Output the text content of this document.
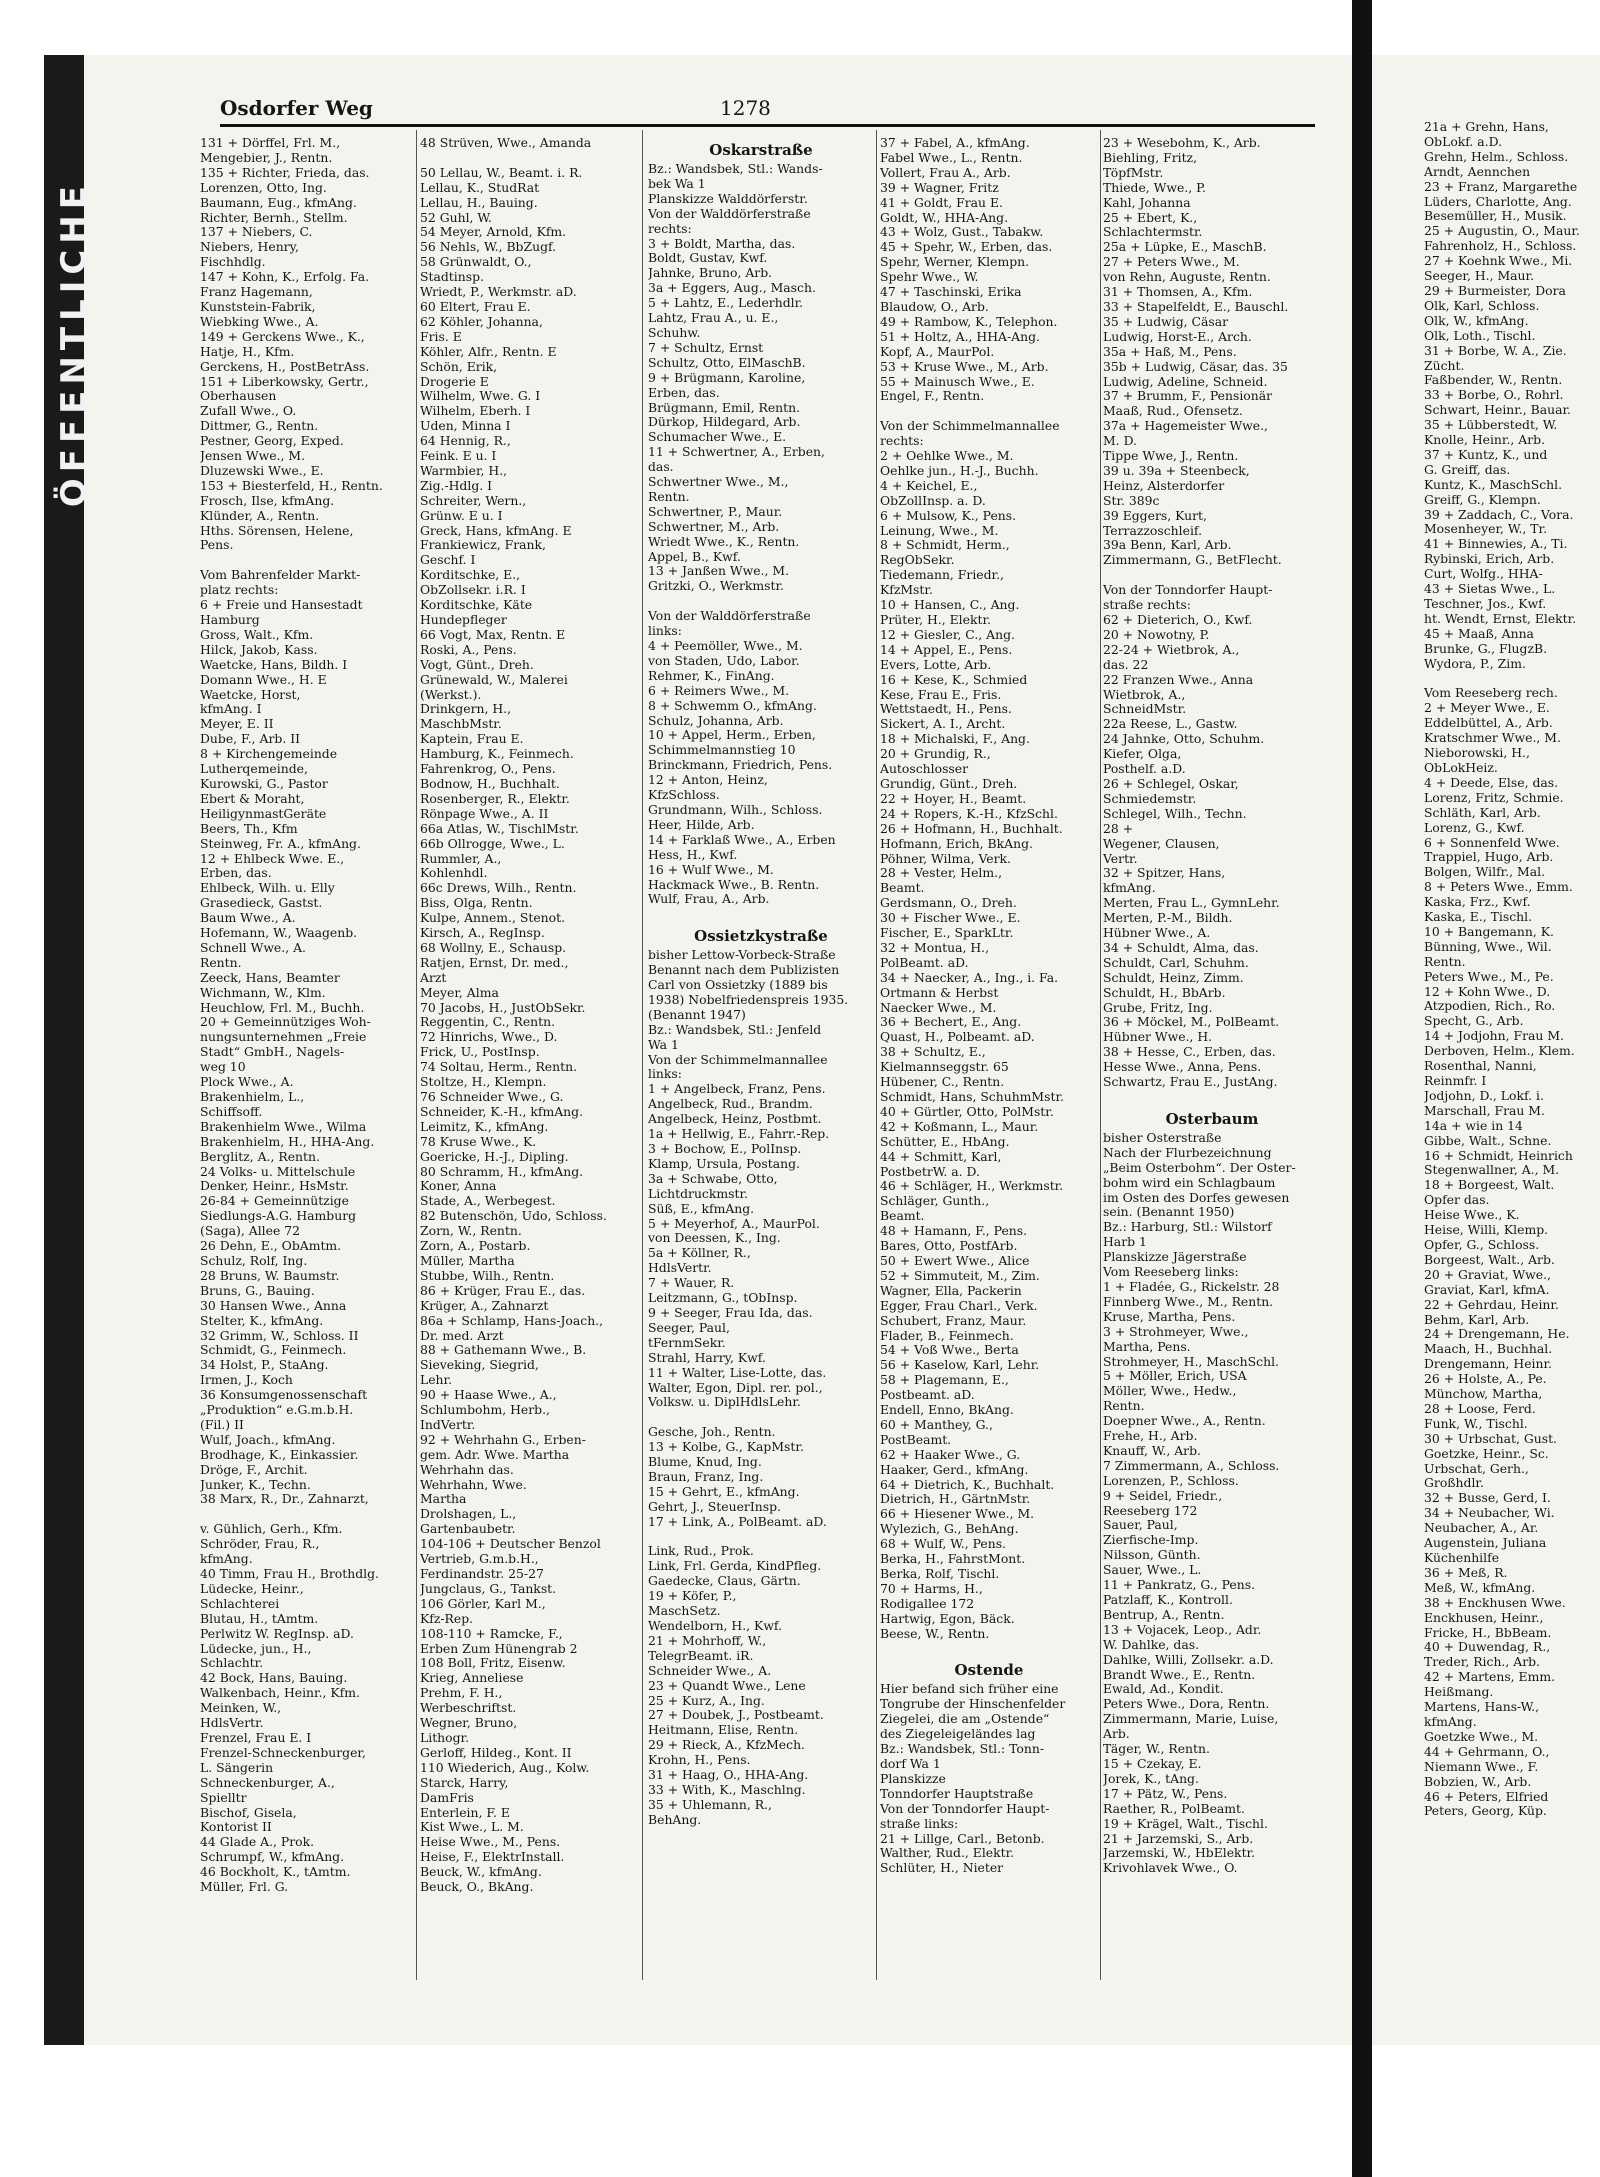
ÖFFENTLICHE
Osdorfer Weg	1278
131 + Dörffel, Frl. M.,
Mengebier, J., Rentn.
135 + Richter, Frieda, das.
Lorenzen, Otto, Ing.
Baumann, Eug., kfmAng.
Richter, Bernh., Stellm.
137 + Niebers, C.
Niebers, Henry,
Fischhdlg.
147 + Kohn, K., Erfolg. Fa.
Franz Hagemann,
Kunststein-Fabrik,
Wiebking Wwe., A.
149 + Gerckens Wwe., K.,
Hatje, H., Kfm.
Gerckens, H., PostBetrAss.
151 + Liberkowsky, Gertr.,
Oberhausen
Zufall Wwe., O.
Dittmer, G., Rentn.
Pestner, Georg, Exped.
Jensen Wwe., M.
Dluzewski Wwe., E.
153 + Biesterfeld, H., Rentn.
Frosch, Ilse, kfmAng.
Klünder, A., Rentn.
Hths. Sörensen, Helene,
Pens.

Vom Bahrenfelder Markt-
platz rechts:
6 + Freie und Hansestadt
Hamburg
Gross, Walt., Kfm.
Hilck, Jakob, Kass.
Waetcke, Hans, Bildh. I
Domann Wwe., H. E
Waetcke, Horst,
kfmAng. I
Meyer, E. II
Dube, F., Arb. II
8 + Kirchengemeinde
Lutherqemeinde,
Kurowski, G., Pastor
Ebert & Moraht,
HeiligynmastGeräte
Beers, Th., Kfm
Steinweg, Fr. A., kfmAng.
12 + Ehlbeck Wwe. E.,
Erben, das.
Ehlbeck, Wilh. u. Elly
Grasedieck, Gastst.
Baum Wwe., A.
Hofemann, W., Waagenb.
Schnell Wwe., A.
Rentn.
Zeeck, Hans, Beamter
Wichmann, W., Klm.
Heuchlow, Frl. M., Buchh.
20 + Gemeinnütziges Woh-
nungsunternehmen „Freie
Stadt“ GmbH., Nagels-
weg 10
Plock Wwe., A.
Brakenhielm, L.,
Schiffsoff.
Brakenhielm Wwe., Wilma
Brakenhielm, H., HHA-Ang.
Berglitz, A., Rentn.
24 Volks- u. Mittelschule
Denker, Heinr., HsMstr.
26-84 + Gemeinnützige
Siedlungs-A.G. Hamburg
(Saga), Allee 72
26 Dehn, E., ObAmtm.
Schulz, Rolf, Ing.
28 Bruns, W. Baumstr.
Bruns, G., Bauing.
30 Hansen Wwe., Anna
Stelter, K., kfmAng.
32 Grimm, W., Schloss. II
Schmidt, G., Feinmech.
34 Holst, P., StaAng.
Irmen, J., Koch
36 Konsumgenossenschaft
„Produktion“ e.G.m.b.H.
(Fil.) II
Wulf, Joach., kfmAng.
Brodhage, K., Einkassier.
Dröge, F., Archit.
Junker, K., Techn.
38 Marx, R., Dr., Zahnarzt,

v. Gühlich, Gerh., Kfm.
Schröder, Frau, R.,
kfmAng.
40 Timm, Frau H., Brothdlg.
Lüdecke, Heinr.,
Schlachterei
Blutau, H., tAmtm.
Perlwitz W. RegInsp. aD.
Lüdecke, jun., H.,
Schlachtr.
42 Bock, Hans, Bauing.
Walkenbach, Heinr., Kfm.
Meinken, W.,
HdlsVertr.
Frenzel, Frau E. I
Frenzel-Schneckenburger,
L. Sängerin
Schneckenburger, A.,
Spielltr
Bischof, Gisela,
Kontorist II
44 Glade A., Prok.
Schrumpf, W., kfmAng.
46 Bockholt, K., tAmtm.
Müller, Frl. G.
48 Strüven, Wwe., Amanda

50 Lellau, W., Beamt. i. R.
Lellau, K., StudRat
Lellau, H., Bauing.
52 Guhl, W.
54 Meyer, Arnold, Kfm.
56 Nehls, W., BbZugf.
58 Grünwaldt, O.,
Stadtinsp.
Wriedt, P., Werkmstr. aD.
60 Eltert, Frau E.
62 Köhler, Johanna,
Fris. E
Köhler, Alfr., Rentn. E
Schön, Erik,
Drogerie E
Wilhelm, Wwe. G. I
Wilhelm, Eberh. I
Uden, Minna I
64 Hennig, R.,
Feink. E u. I
Warmbier, H.,
Zig.-Hdlg. I
Schreiter, Wern.,
Grünw. E u. I
Greck, Hans, kfmAng. E
Frankiewicz, Frank,
Geschf. I
Korditschke, E.,
ObZollsekr. i.R. I
Korditschke, Käte
Hundepfleger
66 Vogt, Max, Rentn. E
Roski, A., Pens.
Vogt, Günt., Dreh.
Grünewald, W., Malerei
(Werkst.).
Drinkgern, H.,
MaschbMstr.
Kaptein, Frau E.
Hamburg, K., Feinmech.
Fahrenkrog, O., Pens.
Bodnow, H., Buchhalt.
Rosenberger, R., Elektr.
Rönpage Wwe., A. II
66a Atlas, W., TischlMstr.
66b Ollrogge, Wwe., L.
Rummler, A.,
Kohlenhdl.
66c Drews, Wilh., Rentn.
Biss, Olga, Rentn.
Kulpe, Annem., Stenot.
Kirsch, A., RegInsp.
68 Wollny, E., Schausp.
Ratjen, Ernst, Dr. med.,
Arzt
Meyer, Alma
70 Jacobs, H., JustObSekr.
Reggentin, C., Rentn.
72 Hinrichs, Wwe., D.
Frick, U., PostInsp.
74 Soltau, Herm., Rentn.
Stoltze, H., Klempn.
76 Schneider Wwe., G.
Schneider, K.-H., kfmAng.
Leimitz, K., kfmAng.
78 Kruse Wwe., K.
Goericke, H.-J., Dipling.
80 Schramm, H., kfmAng.
Koner, Anna
Stade, A., Werbegest.
82 Butenschön, Udo, Schloss.
Zorn, W., Rentn.
Zorn, A., Postarb.
Müller, Martha
Stubbe, Wilh., Rentn.
86 + Krüger, Frau E., das.
Krüger, A., Zahnarzt
86a + Schlamp, Hans-Joach.,
Dr. med. Arzt
88 + Gathemann Wwe., B.
Sieveking, Siegrid,
Lehr.
90 + Haase Wwe., A.,
Schlumbohm, Herb.,
IndVertr.
92 + Wehrhahn G., Erben-
gem. Adr. Wwe. Martha
Wehrhahn das.
Wehrhahn, Wwe.
Martha
Drolshagen, L.,
Gartenbaubetr.
104-106 + Deutscher Benzol
Vertrieb, G.m.b.H.,
Ferdinandstr. 25-27
Jungclaus, G., Tankst.
106 Görler, Karl M.,
Kfz-Rep.
108-110 + Ramcke, F.,
Erben Zum Hünengrab 2
108 Boll, Fritz, Eisenw.
Krieg, Anneliese
Prehm, F. H.,
Werbeschriftst.
Wegner, Bruno,
Lithogr.
Gerloff, Hildeg., Kont. II
110 Wiederich, Aug., Kolw.
Starck, Harry,
DamFris
Enterlein, F. E
Kist Wwe., L. M.
Heise Wwe., M., Pens.
Heise, F., ElektrInstall.
Beuck, W., kfmAng.
Beuck, O., BkAng.
Oskarstraße
Bz.: Wandsbek, Stl.: Wands-
bek Wa 1
Planskizze Walddörferstr.
Von der Walddörferstraße
rechts:
3 + Boldt, Martha, das.
Boldt, Gustav, Kwf.
Jahnke, Bruno, Arb.
3a + Eggers, Aug., Masch.
5 + Lahtz, E., Lederhdlr.
Lahtz, Frau A., u. E.,
Schuhw.
7 + Schultz, Ernst
Schultz, Otto, ElMaschB.
9 + Brügmann, Karoline,
Erben, das.
Brügmann, Emil, Rentn.
Dürkop, Hildegard, Arb.
Schumacher Wwe., E.
11 + Schwertner, A., Erben,
das.
Schwertner Wwe., M.,
Rentn.
Schwertner, P., Maur.
Schwertner, M., Arb.
Wriedt Wwe., K., Rentn.
Appel, B., Kwf.
13 + Janßen Wwe., M.
Gritzki, O., Werkmstr.

Von der Walddörferstraße
links:
4 + Peemöller, Wwe., M.
von Staden, Udo, Labor.
Rehmer, K., FinAng.
6 + Reimers Wwe., M.
8 + Schwemm O., kfmAng.
Schulz, Johanna, Arb.
10 + Appel, Herm., Erben,
Schimmelmannstieg 10
Brinckmann, Friedrich, Pens.
12 + Anton, Heinz,
KfzSchloss.
Grundmann, Wilh., Schloss.
Heer, Hilde, Arb.
14 + Farklaß Wwe., A., Erben
Hess, H., Kwf.
16 + Wulf Wwe., M.
Hackmack Wwe., B. Rentn.
Wulf, Frau, A., Arb.

Ossietzkystraße
bisher Lettow-Vorbeck-Straße
Benannt nach dem Publizisten
Carl von Ossietzky (1889 bis
1938) Nobelfriedenspreis 1935.
(Benannt 1947)
Bz.: Wandsbek, Stl.: Jenfeld
Wa 1
Von der Schimmelmannallee
links:
1 + Angelbeck, Franz, Pens.
Angelbeck, Rud., Brandm.
Angelbeck, Heinz, Postbmt.
1a + Hellwig, E., Fahrr.-Rep.
3 + Bochow, E., PolInsp.
Klamp, Ursula, Postang.
3a + Schwabe, Otto,
Lichtdruckmstr.
Süß, E., kfmAng.
5 + Meyerhof, A., MaurPol.
von Deessen, K., Ing.
5a + Köllner, R.,
HdlsVertr.
7 + Wauer, R.
Leitzmann, G., tObInsp.
9 + Seeger, Frau Ida, das.
Seeger, Paul,
tFernmSekr.
Strahl, Harry, Kwf.
11 + Walter, Lise-Lotte, das.
Walter, Egon, Dipl. rer. pol.,
Volksw. u. DiplHdlsLehr.

Gesche, Joh., Rentn.
13 + Kolbe, G., KapMstr.
Blume, Knud, Ing.
Braun, Franz, Ing.
15 + Gehrt, E., kfmAng.
Gehrt, J., SteuerInsp.
17 + Link, A., PolBeamt. aD.

Link, Rud., Prok.
Link, Frl. Gerda, KindPfleg.
Gaedecke, Claus, Gärtn.
19 + Köfer, P.,
MaschSetz.
Wendelborn, H., Kwf.
21 + Mohrhoff, W.,
TelegrBeamt. iR.
Schneider Wwe., A.
23 + Quandt Wwe., Lene
25 + Kurz, A., Ing.
27 + Doubek, J., Postbeamt.
Heitmann, Elise, Rentn.
29 + Rieck, A., KfzMech.
Krohn, H., Pens.
31 + Haag, O., HHA-Ang.
33 + With, K., Maschlng.
35 + Uhlemann, R.,
BehAng.
37 + Fabel, A., kfmAng.
Fabel Wwe., L., Rentn.
Vollert, Frau A., Arb.
39 + Wagner, Fritz
41 + Goldt, Frau E.
Goldt, W., HHA-Ang.
43 + Wolz, Gust., Tabakw.
45 + Spehr, W., Erben, das.
Spehr, Werner, Klempn.
Spehr Wwe., W.
47 + Taschinski, Erika
Blaudow, O., Arb.
49 + Rambow, K., Telephon.
51 + Holtz, A., HHA-Ang.
Kopf, A., MaurPol.
53 + Kruse Wwe., M., Arb.
55 + Mainusch Wwe., E.
Engel, F., Rentn.

Von der Schimmelmannallee
rechts:
2 + Oehlke Wwe., M.
Oehlke jun., H.-J., Buchh.
4 + Keichel, E.,
ObZollInsp. a. D.
6 + Mulsow, K., Pens.
Leinung, Wwe., M.
8 + Schmidt, Herm.,
RegObSekr.
Tiedemann, Friedr.,
KfzMstr.
10 + Hansen, C., Ang.
Prüter, H., Elektr.
12 + Giesler, C., Ang.
14 + Appel, E., Pens.
Evers, Lotte, Arb.
16 + Kese, K., Schmied
Kese, Frau E., Fris.
Wettstaedt, H., Pens.
Sickert, A. I., Archt.
18 + Michalski, F., Ang.
20 + Grundig, R.,
Autoschlosser
Grundig, Günt., Dreh.
22 + Hoyer, H., Beamt.
24 + Ropers, K.-H., KfzSchl.
26 + Hofmann, H., Buchhalt.
Hofmann, Erich, BkAng.
Pöhner, Wilma, Verk.
28 + Vester, Helm.,
Beamt.
Gerdsmann, O., Dreh.
30 + Fischer Wwe., E.
Fischer, E., SparkLtr.
32 + Montua, H.,
PolBeamt. aD.
34 + Naecker, A., Ing., i. Fa.
Ortmann & Herbst
Naecker Wwe., M.
36 + Bechert, E., Ang.
Quast, H., Polbeamt. aD.
38 + Schultz, E.,
Kielmannseggstr. 65
Hübener, C., Rentn.
Schmidt, Hans, SchuhmMstr.
40 + Gürtler, Otto, PolMstr.
42 + Koßmann, L., Maur.
Schütter, E., HbAng.
44 + Schmitt, Karl,
PostbetrW. a. D.
46 + Schläger, H., Werkmstr.
Schläger, Gunth.,
Beamt.
48 + Hamann, F., Pens.
Bares, Otto, PostfArb.
50 + Ewert Wwe., Alice
52 + Simmuteit, M., Zim.
Wagner, Ella, Packerin
Egger, Frau Charl., Verk.
Schubert, Franz, Maur.
Flader, B., Feinmech.
54 + Voß Wwe., Berta
56 + Kaselow, Karl, Lehr.
58 + Plagemann, E.,
Postbeamt. aD.
Endell, Enno, BkAng.
60 + Manthey, G.,
PostBeamt.
62 + Haaker Wwe., G.
Haaker, Gerd., kfmAng.
64 + Dietrich, K., Buchhalt.
Dietrich, H., GärtnMstr.
66 + Hiesener Wwe., M.
Wylezich, G., BehAng.
68 + Wulf, W., Pens.
Berka, H., FahrstMont.
Berka, Rolf, Tischl.
70 + Harms, H.,
Rodigallee 172
Hartwig, Egon, Bäck.
Beese, W., Rentn.

Ostende
Hier befand sich früher eine
Tongrube der Hinschenfelder
Ziegelei, die am „Ostende“
des Ziegeleigeländes lag
Bz.: Wandsbek, Stl.: Tonn-
dorf Wa 1
Planskizze
Tonndorfer Hauptstraße
Von der Tonndorfer Haupt-
straße links:
21 + Lillge, Carl., Betonb.
Walther, Rud., Elektr.
Schlüter, H., Nieter
23 + Wesebohm, K., Arb.
Biehling, Fritz,
TöpfMstr.
Thiede, Wwe., P.
Kahl, Johanna
25 + Ebert, K.,
Schlachtermstr.
25a + Lüpke, E., MaschB.
27 + Peters Wwe., M.
von Rehn, Auguste, Rentn.
31 + Thomsen, A., Kfm.
33 + Stapelfeldt, E., Bauschl.
35 + Ludwig, Cäsar
Ludwig, Horst-E., Arch.
35a + Haß, M., Pens.
35b + Ludwig, Cäsar, das. 35
Ludwig, Adeline, Schneid.
37 + Brumm, F., Pensionär
Maaß, Rud., Ofensetz.
37a + Hagemeister Wwe.,
M. D.
Tippe Wwe, J., Rentn.
39 u. 39a + Steenbeck,
Heinz, Alsterdorfer
Str. 389c
39 Eggers, Kurt,
Terrazzoschleif.
39a Benn, Karl, Arb.
Zimmermann, G., BetFlecht.

Von der Tonndorfer Haupt-
straße rechts:
62 + Dieterich, O., Kwf.
20 + Nowotny, P.
22-24 + Wietbrok, A.,
das. 22
22 Franzen Wwe., Anna
Wietbrok, A.,
SchneidMstr.
22a Reese, L., Gastw.
24 Jahnke, Otto, Schuhm.
Kiefer, Olga,
Posthelf. a.D.
26 + Schlegel, Oskar,
Schmiedemstr.
Schlegel, Wilh., Techn.
28 +
Wegener, Clausen,
Vertr.
32 + Spitzer, Hans,
kfmAng.
Merten, Frau L., GymnLehr.
Merten, P.-M., Bildh.
Hübner Wwe., A.
34 + Schuldt, Alma, das.
Schuldt, Carl, Schuhm.
Schuldt, Heinz, Zimm.
Schuldt, H., BbArb.
Grube, Fritz, Ing.
36 + Möckel, M., PolBeamt.
Hübner Wwe., H.
38 + Hesse, C., Erben, das.
Hesse Wwe., Anna, Pens.
Schwartz, Frau E., JustAng.

Osterbaum
bisher Osterstraße
Nach der Flurbezeichnung
„Beim Osterbohm“. Der Oster-
bohm wird ein Schlagbaum
im Osten des Dorfes gewesen
sein. (Benannt 1950)
Bz.: Harburg, Stl.: Wilstorf
Harb 1
Planskizze Jägerstraße
Vom Reeseberg links:
1 + Fladée, G., Rickelstr. 28
Finnberg Wwe., M., Rentn.
Kruse, Martha, Pens.
3 + Strohmeyer, Wwe.,
Martha, Pens.
Strohmeyer, H., MaschSchl.
5 + Möller, Erich, USA
Möller, Wwe., Hedw.,
Rentn.
Doepner Wwe., A., Rentn.
Frehe, H., Arb.
Knauff, W., Arb.
7 Zimmermann, A., Schloss.
Lorenzen, P., Schloss.
9 + Seidel, Friedr.,
Reeseberg 172
Sauer, Paul,
Zierfische-Imp.
Nilsson, Günth.
Sauer, Wwe., L.
11 + Pankratz, G., Pens.
Patzlaff, K., Kontroll.
Bentrup, A., Rentn.
13 + Vojacek, Leop., Adr.
W. Dahlke, das.
Dahlke, Willi, Zollsekr. a.D.
Brandt Wwe., E., Rentn.
Ewald, Ad., Kondit.
Peters Wwe., Dora, Rentn.
Zimmermann, Marie, Luise,
Arb.
Täger, W., Rentn.
15 + Czekay, E.
Jorek, K., tAng.
17 + Pätz, W., Pens.
Raether, R., PolBeamt.
19 + Krägel, Walt., Tischl.
21 + Jarzemski, S., Arb.
Jarzemski, W., HbElektr.
Krivohlavek Wwe., O.
21a + Grehn, Hans,
ObLokf. a.D.
Grehn, Helm., Schloss.
Arndt, Aennchen
23 + Franz, Margarethe
Lüders, Charlotte, Ang.
Besemüller, H., Musik.
25 + Augustin, O., Maur.
Fahrenholz, H., Schloss.
27 + Koehnk Wwe., Mi.
Seeger, H., Maur.
29 + Burmeister, Dora
Olk, Karl, Schloss.
Olk, W., kfmAng.
Olk, Loth., Tischl.
31 + Borbe, W. A., Zie.
Zücht.
Faßbender, W., Rentn.
33 + Borbe, O., Rohrl.
Schwart, Heinr., Bauar.
35 + Lübberstedt, W.
Knolle, Heinr., Arb.
37 + Kuntz, K., und
G. Greiff, das.
Kuntz, K., MaschSchl.
Greiff, G., Klempn.
39 + Zaddach, C., Vora.
Mosenheyer, W., Tr.
41 + Binnewies, A., Ti.
Rybinski, Erich, Arb.
Curt, Wolfg., HHA-
43 + Sietas Wwe., L.
Teschner, Jos., Kwf.
ht. Wendt, Ernst, Elektr.
45 + Maaß, Anna
Brunke, G., FlugzB.
Wydora, P., Zim.

Vom Reeseberg rech.
2 + Meyer Wwe., E.
Eddelbüttel, A., Arb.
Kratschmer Wwe., M.
Nieborowski, H.,
ObLokHeiz.
4 + Deede, Else, das.
Lorenz, Fritz, Schmie.
Schläth, Karl, Arb.
Lorenz, G., Kwf.
6 + Sonnenfeld Wwe.
Trappiel, Hugo, Arb.
Bolgen, Wilfr., Mal.
8 + Peters Wwe., Emm.
Kaska, Frz., Kwf.
Kaska, E., Tischl.
10 + Bangemann, K.
Bünning, Wwe., Wil.
Rentn.
Peters Wwe., M., Pe.
12 + Kohn Wwe., D.
Atzpodien, Rich., Ro.
Specht, G., Arb.
14 + Jodjohn, Frau M.
Derboven, Helm., Klem.
Rosenthal, Nanni,
Reinmfr. I
Jodjohn, D., Lokf. i.
Marschall, Frau M.
14a + wie in 14
Gibbe, Walt., Schne.
16 + Schmidt, Heinrich
Stegenwallner, A., M.
18 + Borgeest, Walt.
Opfer das.
Heise Wwe., K.
Heise, Willi, Klemp.
Opfer, G., Schloss.
Borgeest, Walt., Arb.
20 + Graviat, Wwe.,
Graviat, Karl, kfmA.
22 + Gehrdau, Heinr.
Behm, Karl, Arb.
24 + Drengemann, He.
Maach, H., Buchhal.
Drengemann, Heinr.
26 + Holste, A., Pe.
Münchow, Martha,
28 + Loose, Ferd.
Funk, W., Tischl.
30 + Urbschat, Gust.
Goetzke, Heinr., Sc.
Urbschat, Gerh.,
Großhdlr.
32 + Busse, Gerd, I.
34 + Neubacher, Wi.
Neubacher, A., Ar.
Augenstein, Juliana
Küchenhilfe
36 + Meß, R.
Meß, W., kfmAng.
38 + Enckhusen Wwe.
Enckhusen, Heinr.,
Fricke, H., BbBeam.
40 + Duwendag, R.,
Treder, Rich., Arb.
42 + Martens, Emm.
Heißmang.
Martens, Hans-W.,
kfmAng.
Goetzke Wwe., M.
44 + Gehrmann, O.,
Niemann Wwe., F.
Bobzien, W., Arb.
46 + Peters, Elfried
Peters, Georg, Küp.
